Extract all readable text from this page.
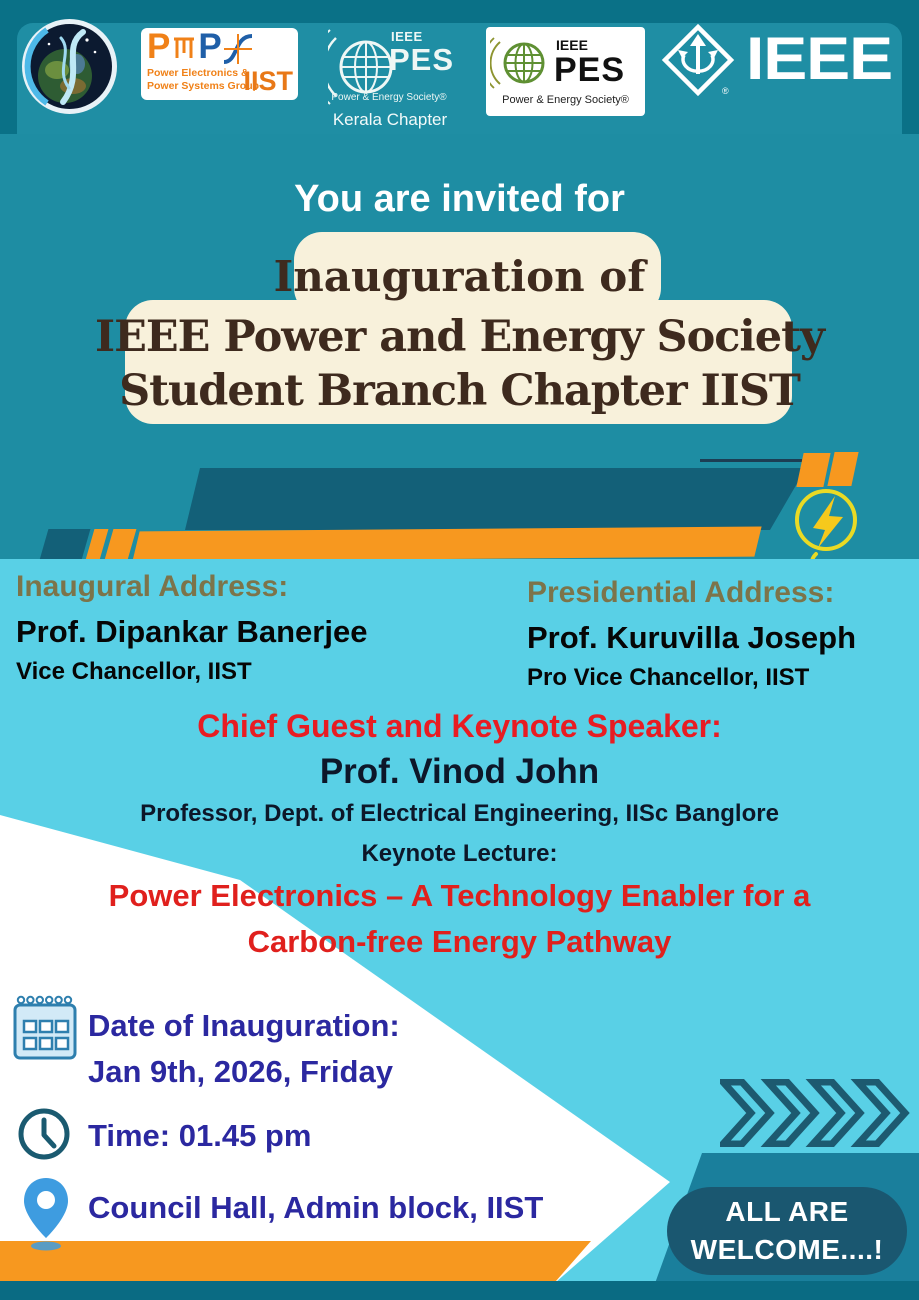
P P
Power Electronics &
Power Systems Group
IIST
IEEE
PES
Power & Energy Society®
Kerala Chapter
IEEE
PES
Power & Energy Society®
® IEEE
You are invited for
Inauguration of
IEEE Power and Energy Society
Student Branch Chapter IIST
Inaugural Address:
Prof. Dipankar Banerjee
Vice Chancellor, IIST
Presidential Address:
Prof. Kuruvilla Joseph
Pro Vice Chancellor, IIST
Chief Guest and Keynote Speaker:
Prof. Vinod John
Professor, Dept. of Electrical Engineering, IISc Banglore
Keynote Lecture:
Power Electronics – A Technology Enabler for a
Carbon-free Energy Pathway
Date of Inauguration:
Jan 9th, 2026, Friday
Time: 01.45 pm
Council Hall, Admin block, IIST	ALL ARE
WELCOME....!
